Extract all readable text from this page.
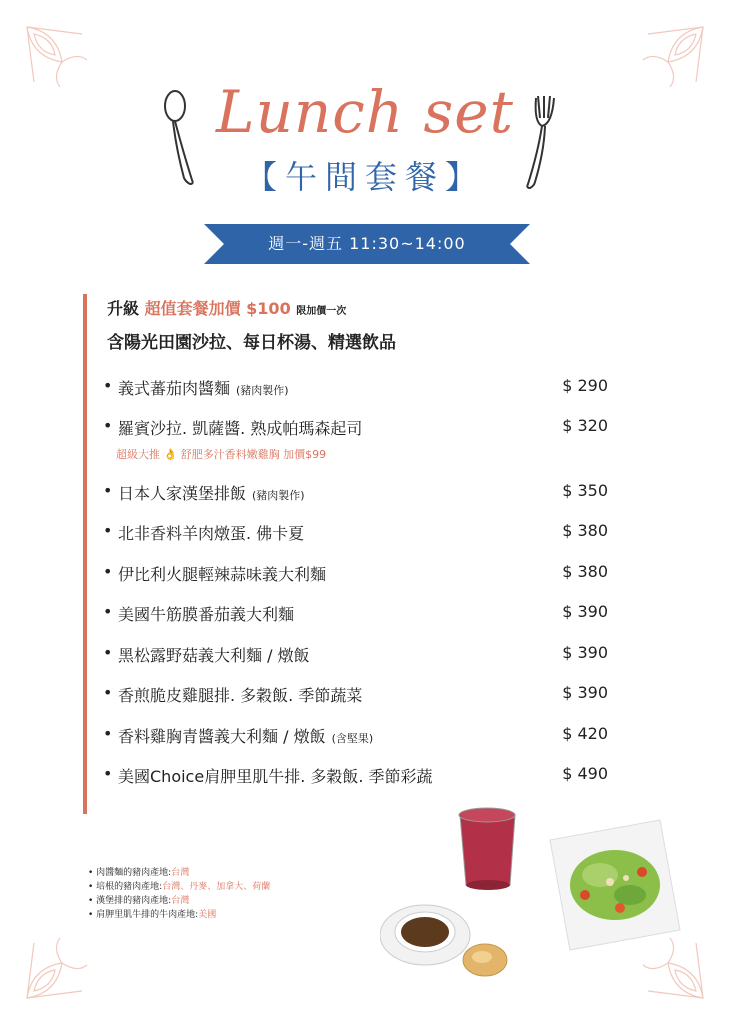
Lunch set
【午間套餐】
週一-週五 11:30~14:00
升級 超值套餐加價 $100 限加價一次
含陽光田園沙拉、每日杯湯、精選飲品
• 義式蕃茄肉醬麵 (豬肉製作)	$ 290
• 羅賓沙拉. 凱薩醬. 熟成帕瑪森起司	$ 320
超級大推 👌 舒肥多汁香料嫩雞胸 加價$99
• 日本人家漢堡排飯 (豬肉製作)	$ 350
• 北非香料羊肉燉蛋. 佛卡夏	$ 380
• 伊比利火腿輕辣蒜味義大利麵	$ 380
• 美國牛筋膜番茄義大利麵	$ 390
• 黑松露野菇義大利麵 / 燉飯	$ 390
• 香煎脆皮雞腿排. 多穀飯. 季節蔬菜	$ 390
• 香料雞胸青醬義大利麵 / 燉飯 (含堅果)	$ 420
• 美國Choice肩胛里肌牛排. 多穀飯. 季節彩蔬	$ 490
• 肉醬麵的豬肉產地:台灣
• 培根的豬肉產地:台灣、丹麥、加拿大、荷蘭
• 漢堡排的豬肉產地:台灣
• 肩胛里肌牛排的牛肉產地:美國
